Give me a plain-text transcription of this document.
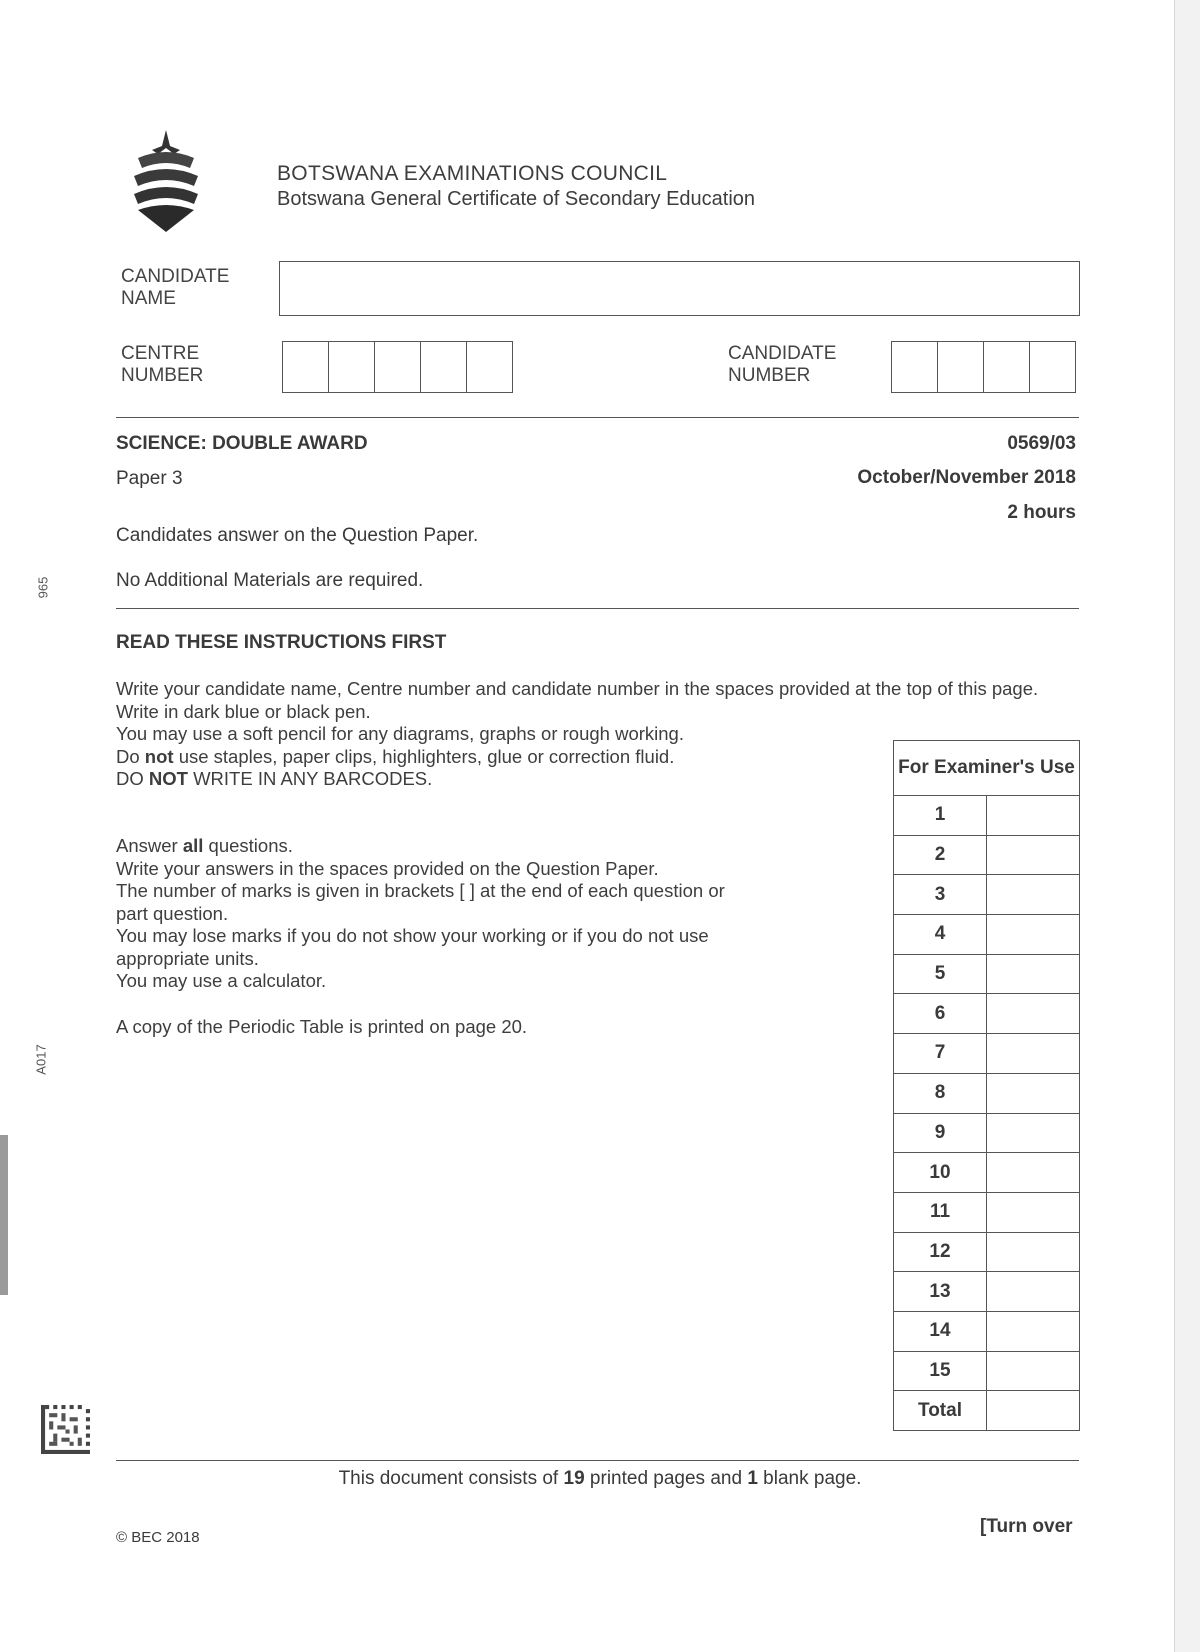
965
A017
BOTSWANA EXAMINATIONS COUNCIL
Botswana General Certificate of Secondary Education
CANDIDATE
NAME
CENTRE
NUMBER
CANDIDATE
NUMBER
SCIENCE: DOUBLE AWARD	0569/03
Paper 3	October/November 2018
2 hours
Candidates answer on the Question Paper.
No Additional Materials are required.
READ THESE INSTRUCTIONS FIRST

Write your candidate name, Centre number and candidate number in the spaces provided at the top of this page.

Write in dark blue or black pen.

You may use a soft pencil for any diagrams, graphs or rough working.

Do not use staples, paper clips, highlighters, glue or correction fluid.

DO NOT WRITE IN ANY BARCODES.

Answer all questions.

Write your answers in the spaces provided on the Question Paper.

The number of marks is given in brackets [ ] at the end of each question or

part question.

You may lose marks if you do not show your working or if you do not use

appropriate units.

You may use a calculator.

A copy of the Periodic Table is printed on page 20.
For Examiner's Use	
1	
2	
3	
4	
5	
6	
7	
8	
9	
10	
11	
12	
13	
14	
15	
Total	
This document consists of 19 printed pages and 1 blank page.
© BEC 2018
[Turn over
